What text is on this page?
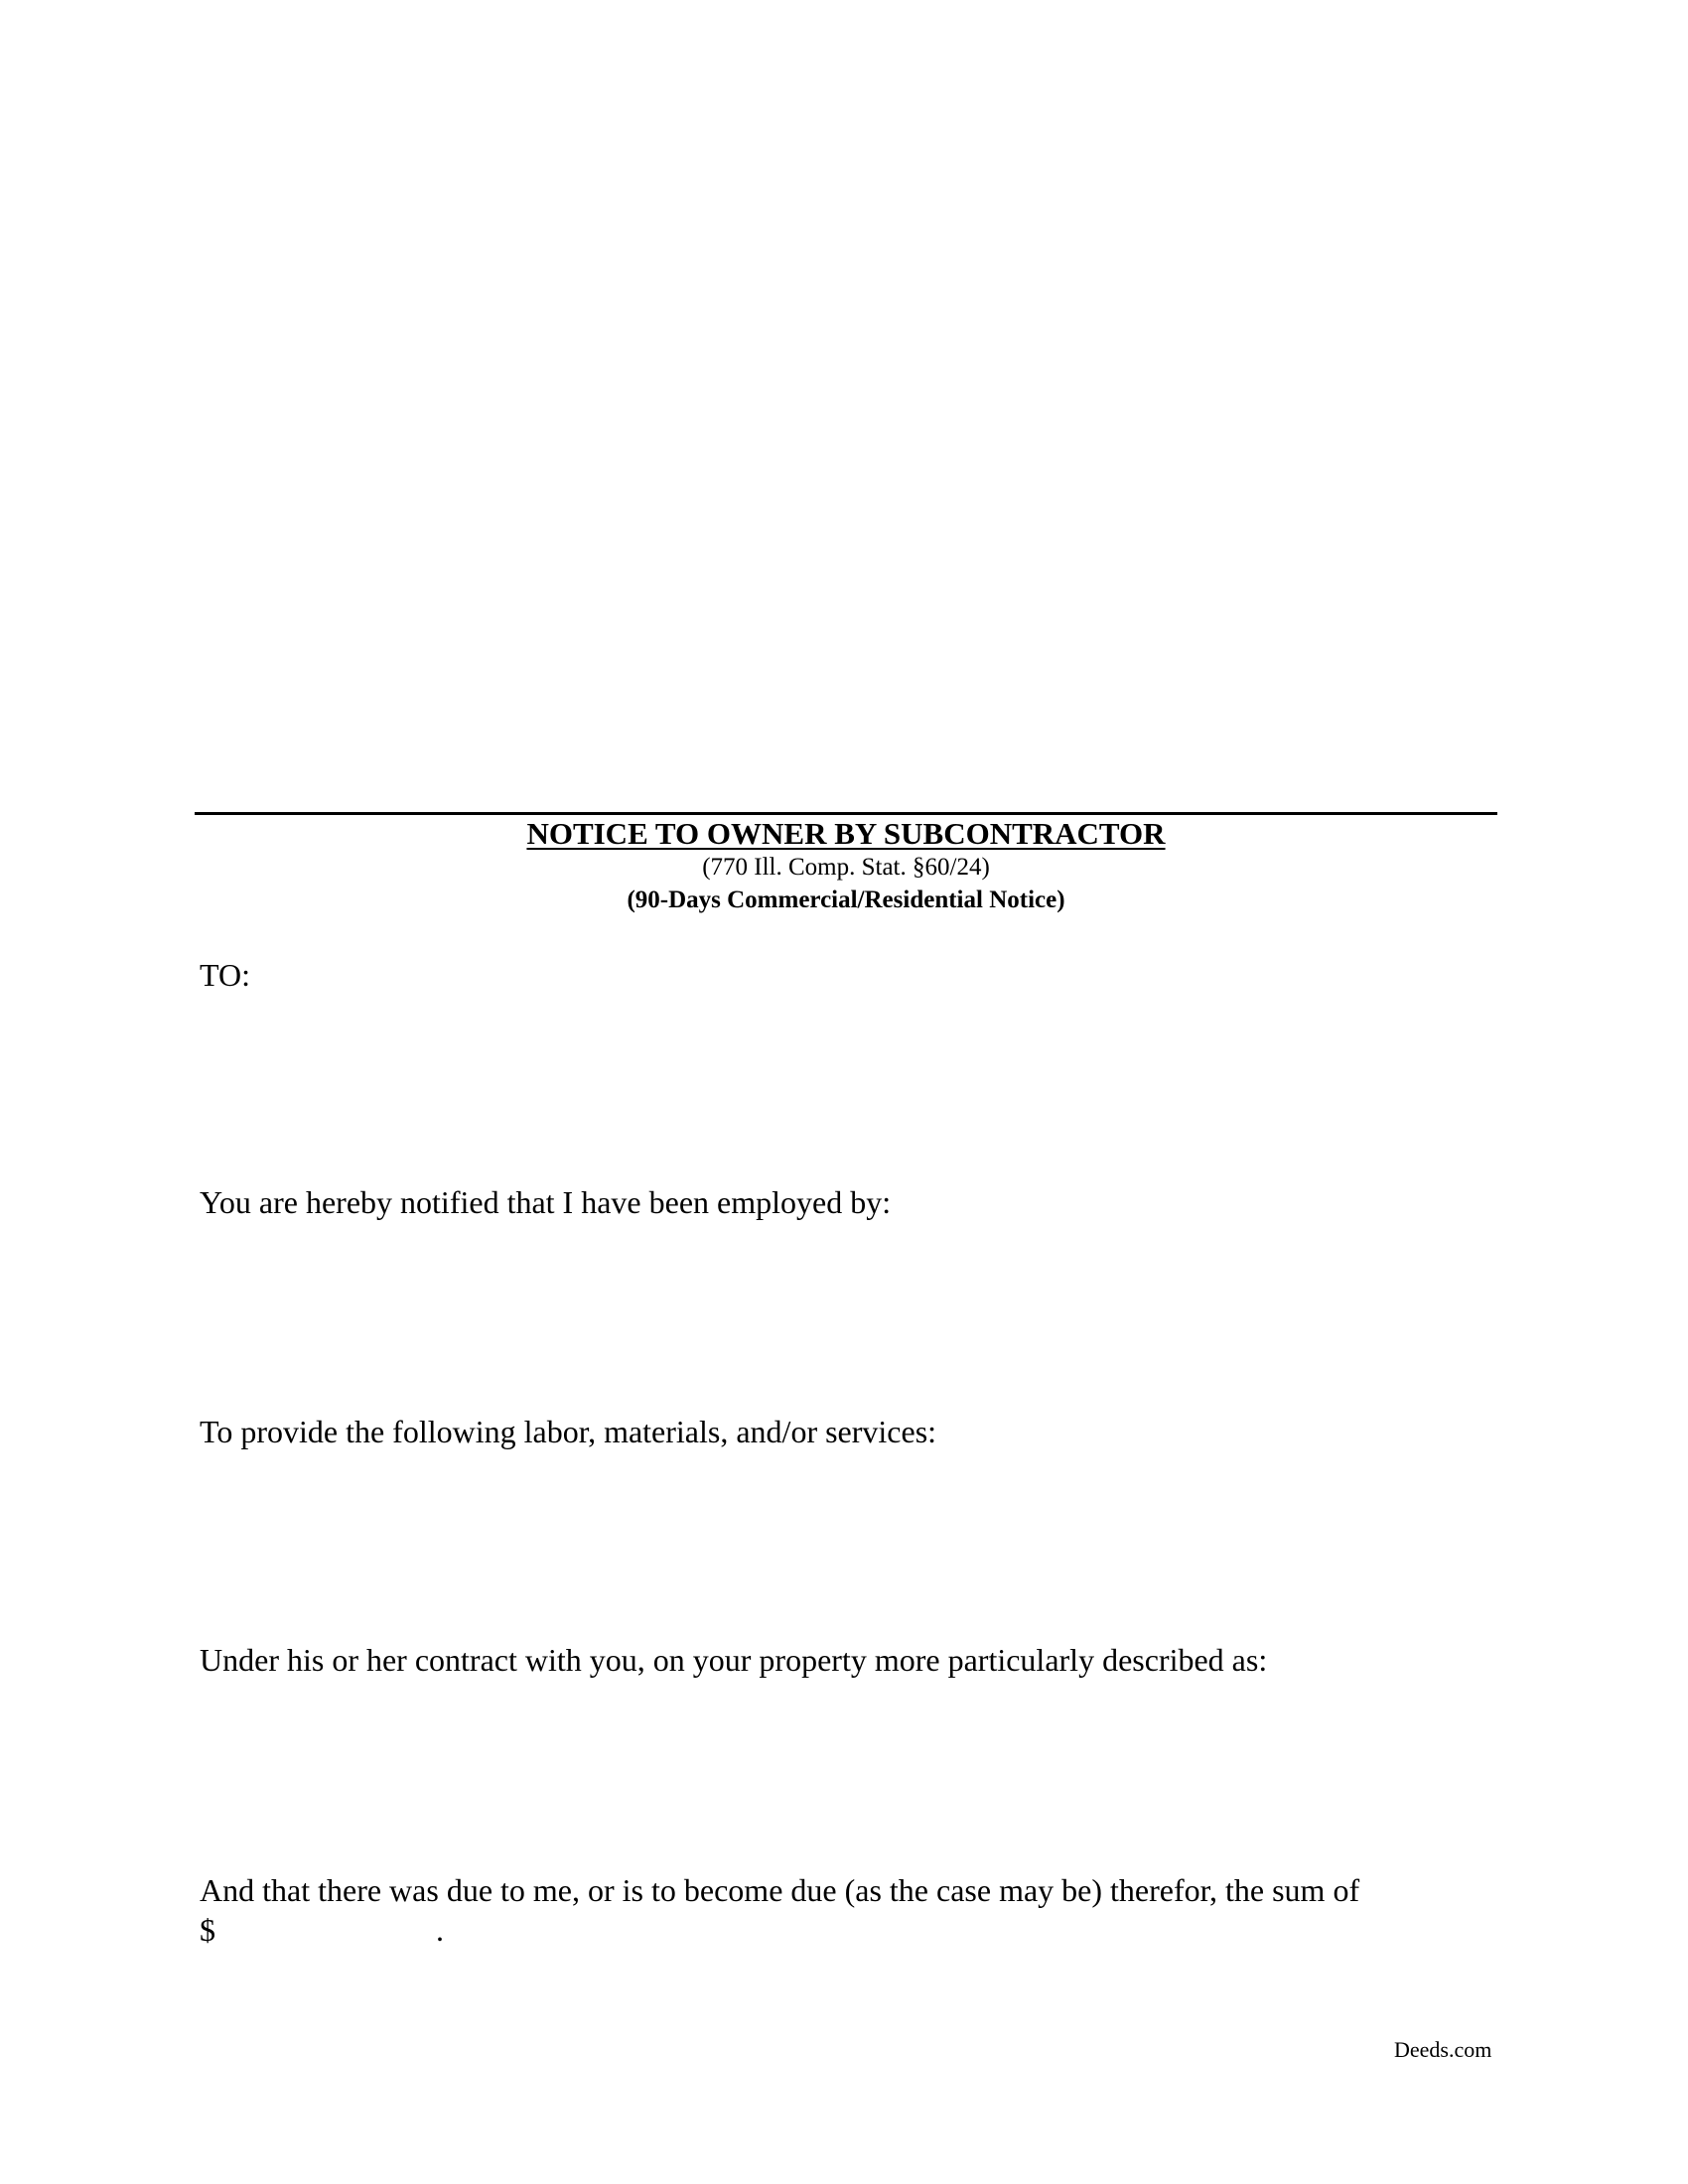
NOTICE TO OWNER BY SUBCONTRACTOR
(770 Ill. Comp. Stat. §60/24)
(90-Days Commercial/Residential Notice)
TO:
You are hereby notified that I have been employed by:
To provide the following labor, materials, and/or services:
Under his or her contract with you, on your property more particularly described as:
And that there was due to me, or is to become due (as the case may be) therefor, the sum of
$	.
Deeds.com
